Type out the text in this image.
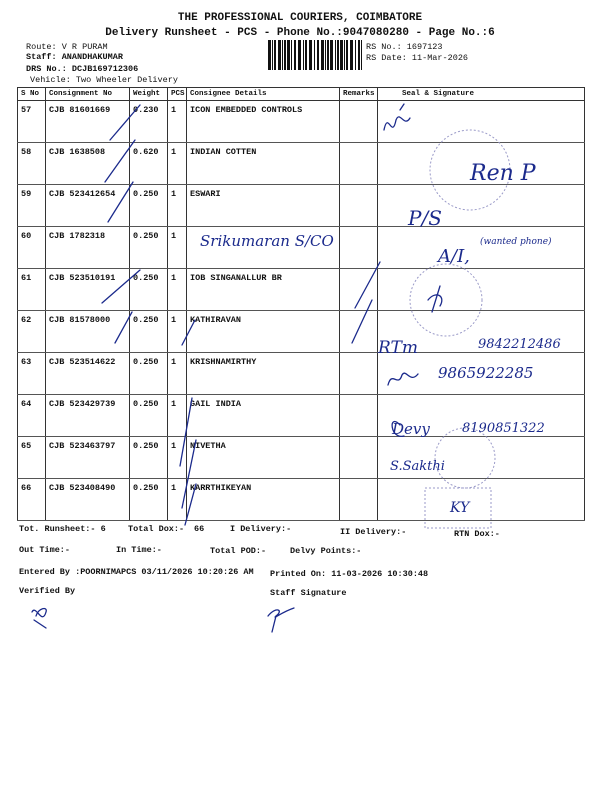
THE PROFESSIONAL COURIERS, COIMBATORE
Delivery Runsheet - PCS - Phone No.:9047080280 - Page No.:6
Route: V R PURAM
Staff: ANANDHAKUMAR
DRS No.: DCJB169712306
Vehicle: Two Wheeler Delivery
RS No.: 1697123
RS Date: 11-Mar-2026
S No	Consignment No	Weight	PCS	Consignee Details	Remarks	Seal & Signature
57	CJB 81601669	0.230	1	ICON EMBEDDED CONTROLS		
58	CJB 1638508	0.620	1	INDIAN COTTEN		
59	CJB 523412654	0.250	1	ESWARI		
60	CJB 1782318	0.250	1			
61	CJB 523510191	0.250	1	IOB SINGANALLUR BR		
62	CJB 81578000	0.250	1	KATHIRAVAN		
63	CJB 523514622	0.250	1	KRISHNAMIRTHY		
64	CJB 523429739	0.250	1	GAIL INDIA		
65	CJB 523463797	0.250	1	NIVETHA		
66	CJB 523408490	0.250	1	KARRTHIKEYAN		
Ren P
P/S
Srikumaran S/CO
A/I,
(wanted phone)
RTm	9842212486
9865922285
Devy 8190851322
S.Sakthi
KY
Tot. Runsheet:- 6	Total Dox:- 66	I Delivery:-	II Delivery:-	RTN Dox:-
Out Time:-	In Time:-	Total POD:-	Delvy Points:-
Entered By :POORNIMAPCS 03/11/2026 10:20:26 AM Printed On: 11-03-2026 10:30:48
Verified By	Staff Signature
